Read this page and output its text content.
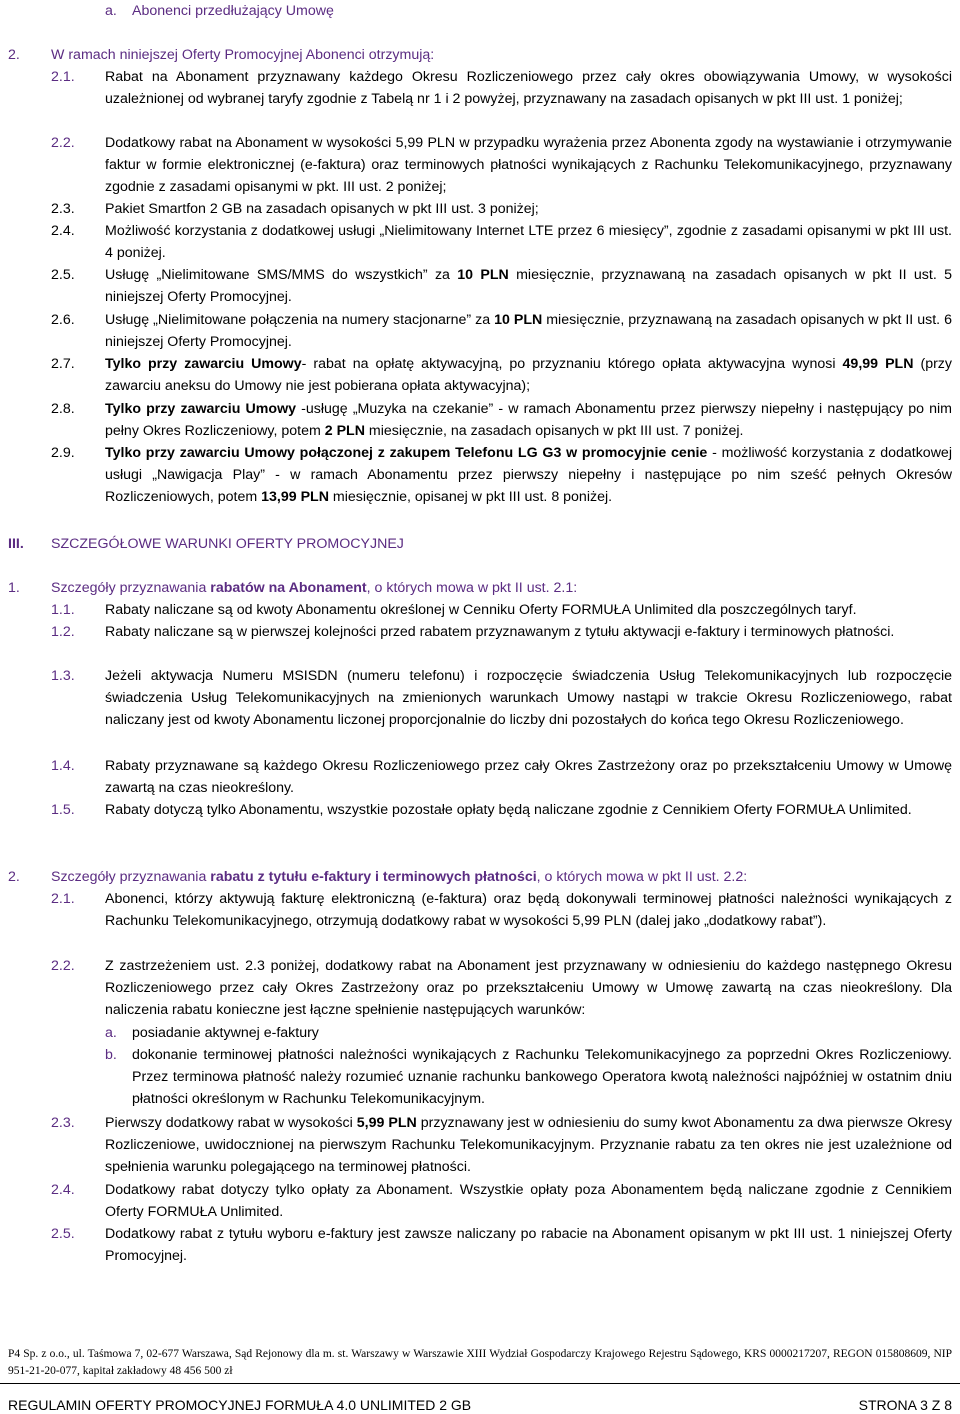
a. Abonenci przedłużający Umowę
2. W ramach niniejszej Oferty Promocyjnej Abonenci otrzymują:
2.1. Rabat na Abonament przyznawany każdego Okresu Rozliczeniowego przez cały okres obowiązywania Umowy, w wysokości uzależnionej od wybranej taryfy zgodnie z Tabelą nr 1 i 2 powyżej, przyznawany na zasadach opisanych w pkt III ust. 1 poniżej;
2.2. Dodatkowy rabat na Abonament w wysokości 5,99 PLN w przypadku wyrażenia przez Abonenta zgody na wystawianie i otrzymywanie faktur w formie elektronicznej (e-faktura) oraz terminowych płatności wynikających z Rachunku Telekomunikacyjnego, przyznawany zgodnie z zasadami opisanymi w pkt. III ust. 2 poniżej;
2.3. Pakiet Smartfon 2 GB na zasadach opisanych w pkt III ust. 3 poniżej;
2.4. Możliwość korzystania z dodatkowej usługi „Nielimitowany Internet LTE przez 6 miesięcy”, zgodnie z zasadami opisanymi w pkt III ust. 4 poniżej.
2.5. Usługę „Nielimitowane SMS/MMS do wszystkich” za 10 PLN miesięcznie, przyznawaną na zasadach opisanych w pkt II ust. 5 niniejszej Oferty Promocyjnej.
2.6. Usługę „Nielimitowane połączenia na numery stacjonarne” za 10 PLN miesięcznie, przyznawaną na zasadach opisanych w pkt II ust. 6 niniejszej Oferty Promocyjnej.
2.7. Tylko przy zawarciu Umowy- rabat na opłatę aktywacyjną, po przyznaniu którego opłata aktywacyjna wynosi 49,99 PLN (przy zawarciu aneksu do Umowy nie jest pobierana opłata aktywacyjna);
2.8. Tylko przy zawarciu Umowy -usługę „Muzyka na czekanie” - w ramach Abonamentu przez pierwszy niepełny i następujący po nim pełny Okres Rozliczeniowy, potem 2 PLN miesięcznie, na zasadach opisanych w pkt III ust. 7 poniżej.
2.9. Tylko przy zawarciu Umowy połączonej z zakupem Telefonu LG G3 w promocyjnie cenie - możliwość korzystania z dodatkowej usługi „Nawigacja Play” - w ramach Abonamentu przez pierwszy niepełny i następujące po nim sześć pełnych Okresów Rozliczeniowych, potem 13,99 PLN miesięcznie, opisanej w pkt III ust. 8 poniżej.
III. SZCZEGÓŁOWE WARUNKI OFERTY PROMOCYJNEJ
1. Szczegóły przyznawania rabatów na Abonament, o których mowa w pkt II ust. 2.1:
1.1. Rabaty naliczane są od kwoty Abonamentu określonej w Cenniku Oferty FORMUŁA Unlimited dla poszczególnych taryf.
1.2. Rabaty naliczane są w pierwszej kolejności przed rabatem przyznawanym z tytułu aktywacji e-faktury i terminowych płatności.
1.3. Jeżeli aktywacja Numeru MSISDN (numeru telefonu) i rozpoczęcie świadczenia Usług Telekomunikacyjnych lub rozpoczęcie świadczenia Usług Telekomunikacyjnych na zmienionych warunkach Umowy nastąpi w trakcie Okresu Rozliczeniowego, rabat naliczany jest od kwoty Abonamentu liczonej proporcjonalnie do liczby dni pozostałych do końca tego Okresu Rozliczeniowego.
1.4. Rabaty przyznawane są każdego Okresu Rozliczeniowego przez cały Okres Zastrzeżony oraz po przekształceniu Umowy w Umowę zawartą na czas nieokreślony.
1.5. Rabaty dotyczą tylko Abonamentu, wszystkie pozostałe opłaty będą naliczane zgodnie z Cennikiem Oferty FORMUŁA Unlimited.
2. Szczegóły przyznawania rabatu z tytułu e-faktury i terminowych płatności, o których mowa w pkt II ust. 2.2:
2.1. Abonenci, którzy aktywują fakturę elektroniczną (e-faktura) oraz będą dokonywali terminowej płatności należności wynikających z Rachunku Telekomunikacyjnego, otrzymują dodatkowy rabat w wysokości 5,99 PLN (dalej jako „dodatkowy rabat”).
2.2. Z zastrzeżeniem ust. 2.3 poniżej, dodatkowy rabat na Abonament jest przyznawany w odniesieniu do każdego następnego Okresu Rozliczeniowego przez cały Okres Zastrzeżony oraz po przekształceniu Umowy w Umowę zawartą na czas nieokreślony. Dla naliczenia rabatu konieczne jest łączne spełnienie następujących warunków:
a. posiadanie aktywnej e-faktury
b. dokonanie terminowej płatności należności wynikających z Rachunku Telekomunikacyjnego za poprzedni Okres Rozliczeniowy. Przez terminowa płatność należy rozumieć uznanie rachunku bankowego Operatora kwotą należności najpóźniej w ostatnim dniu płatności określonym w Rachunku Telekomunikacyjnym.
2.3. Pierwszy dodatkowy rabat w wysokości 5,99 PLN przyznawany jest w odniesieniu do sumy kwot Abonamentu za dwa pierwsze Okresy Rozliczeniowe, uwidocznionej na pierwszym Rachunku Telekomunikacyjnym. Przyznanie rabatu za ten okres nie jest uzależnione od spełnienia warunku polegającego na terminowej płatności.
2.4. Dodatkowy rabat dotyczy tylko opłaty za Abonament. Wszystkie opłaty poza Abonamentem będą naliczane zgodnie z Cennikiem Oferty FORMUŁA Unlimited.
2.5. Dodatkowy rabat z tytułu wyboru e-faktury jest zawsze naliczany po rabacie na Abonament opisanym w pkt III ust. 1 niniejszej Oferty Promocyjnej.
P4 Sp. z o.o., ul. Taśmowa 7, 02-677 Warszawa, Sąd Rejonowy dla m. st. Warszawy w Warszawie XIII Wydział Gospodarczy Krajowego Rejestru Sądowego, KRS 0000217207, REGON 015808609, NIP 951-21-20-077, kapitał zakładowy 48 456 500 zł
REGULAMIN OFERTY PROMOCYJNEJ FORMUŁA 4.0 UNLIMITED 2 GB	STRONA 3 Z 8
